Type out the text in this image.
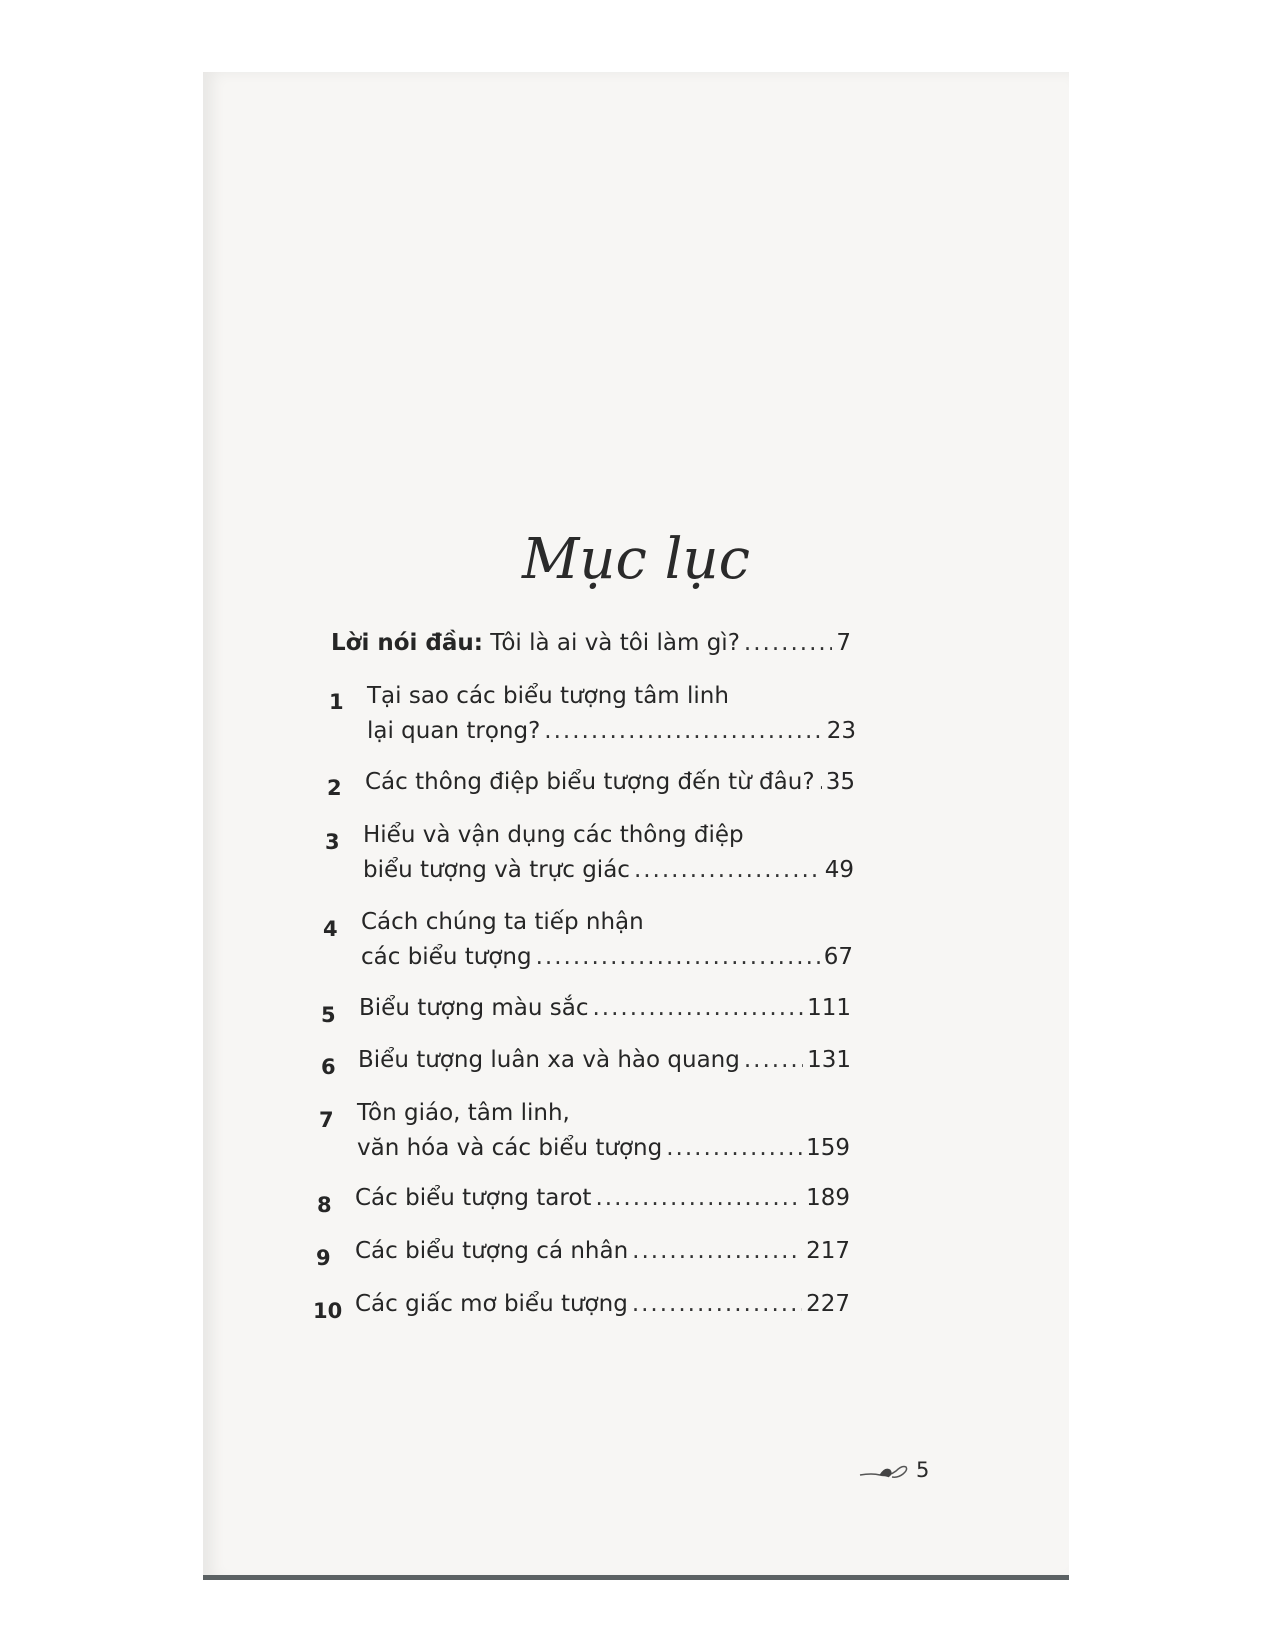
Mục lục
Lời nói đầu: Tôi là ai và tôi làm gì? .....	7
1 Tại sao các biểu tượng tâm linh
lại quan trọng? .....	23
2 Các thông điệp biểu tượng đến từ đâu? ..... 35
3 Hiểu và vận dụng các thông điệp
biểu tượng và trực giác .....	49
4 Cách chúng ta tiếp nhận
các biểu tượng .....	67
5 Biểu tượng màu sắc .....	111
6 Biểu tượng luân xa và hào quang .....	131
7 Tôn giáo, tâm linh,
văn hóa và các biểu tượng .....	159
8 Các biểu tượng tarot .....	189
9 Các biểu tượng cá nhân .....	217
10 Các giấc mơ biểu tượng .....	227
5
